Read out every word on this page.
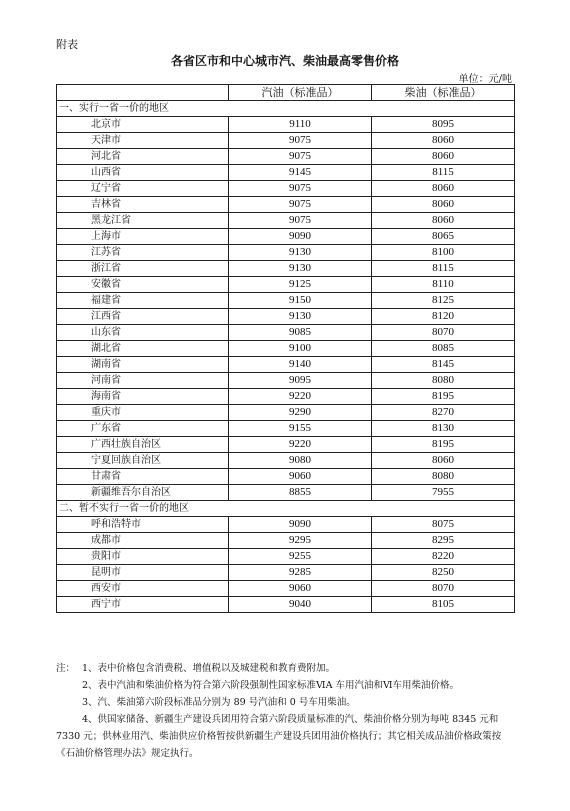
附表
各省区市和中心城市汽、柴油最高零售价格
单位：元/吨
	汽油（标准品）	柴油（标准品）
一、实行一省一价的地区		
北京市	9110	8095
天津市	9075	8060
河北省	9075	8060
山西省	9145	8115
辽宁省	9075	8060
吉林省	9075	8060
黑龙江省	9075	8060
上海市	9090	8065
江苏省	9130	8100
浙江省	9130	8115
安徽省	9125	8110
福建省	9150	8125
江西省	9130	8120
山东省	9085	8070
湖北省	9100	8085
湖南省	9140	8145
河南省	9095	8080
海南省	9220	8195
重庆市	9290	8270
广东省	9155	8130
广西壮族自治区	9220	8195
宁夏回族自治区	9080	8060
甘肃省	9060	8080
新疆维吾尔自治区	8855	7955
二、暂不实行一省一价的地区		
呼和浩特市	9090	8075
成都市	9295	8295
贵阳市	9255	8220
昆明市	9285	8250
西安市	9060	8070
西宁市	9040	8105

注： 1、表中价格包含消费税、增值税以及城建税和教育费附加。

2、表中汽油和柴油价格为符合第六阶段强制性国家标准ⅥA 车用汽油和Ⅵ车用柴油价格。

3、汽、柴油第六阶段标准品分别为 89 号汽油和 0 号车用柴油。

4、供国家储备、新疆生产建设兵团用符合第六阶段质量标准的汽、柴油价格分别为每吨 8345 元和 7330 元；供林业用汽、柴油供应价格暂按供新疆生产建设兵团用油价格执行；其它相关成品油价格政策按《石油价格管理办法》规定执行。
